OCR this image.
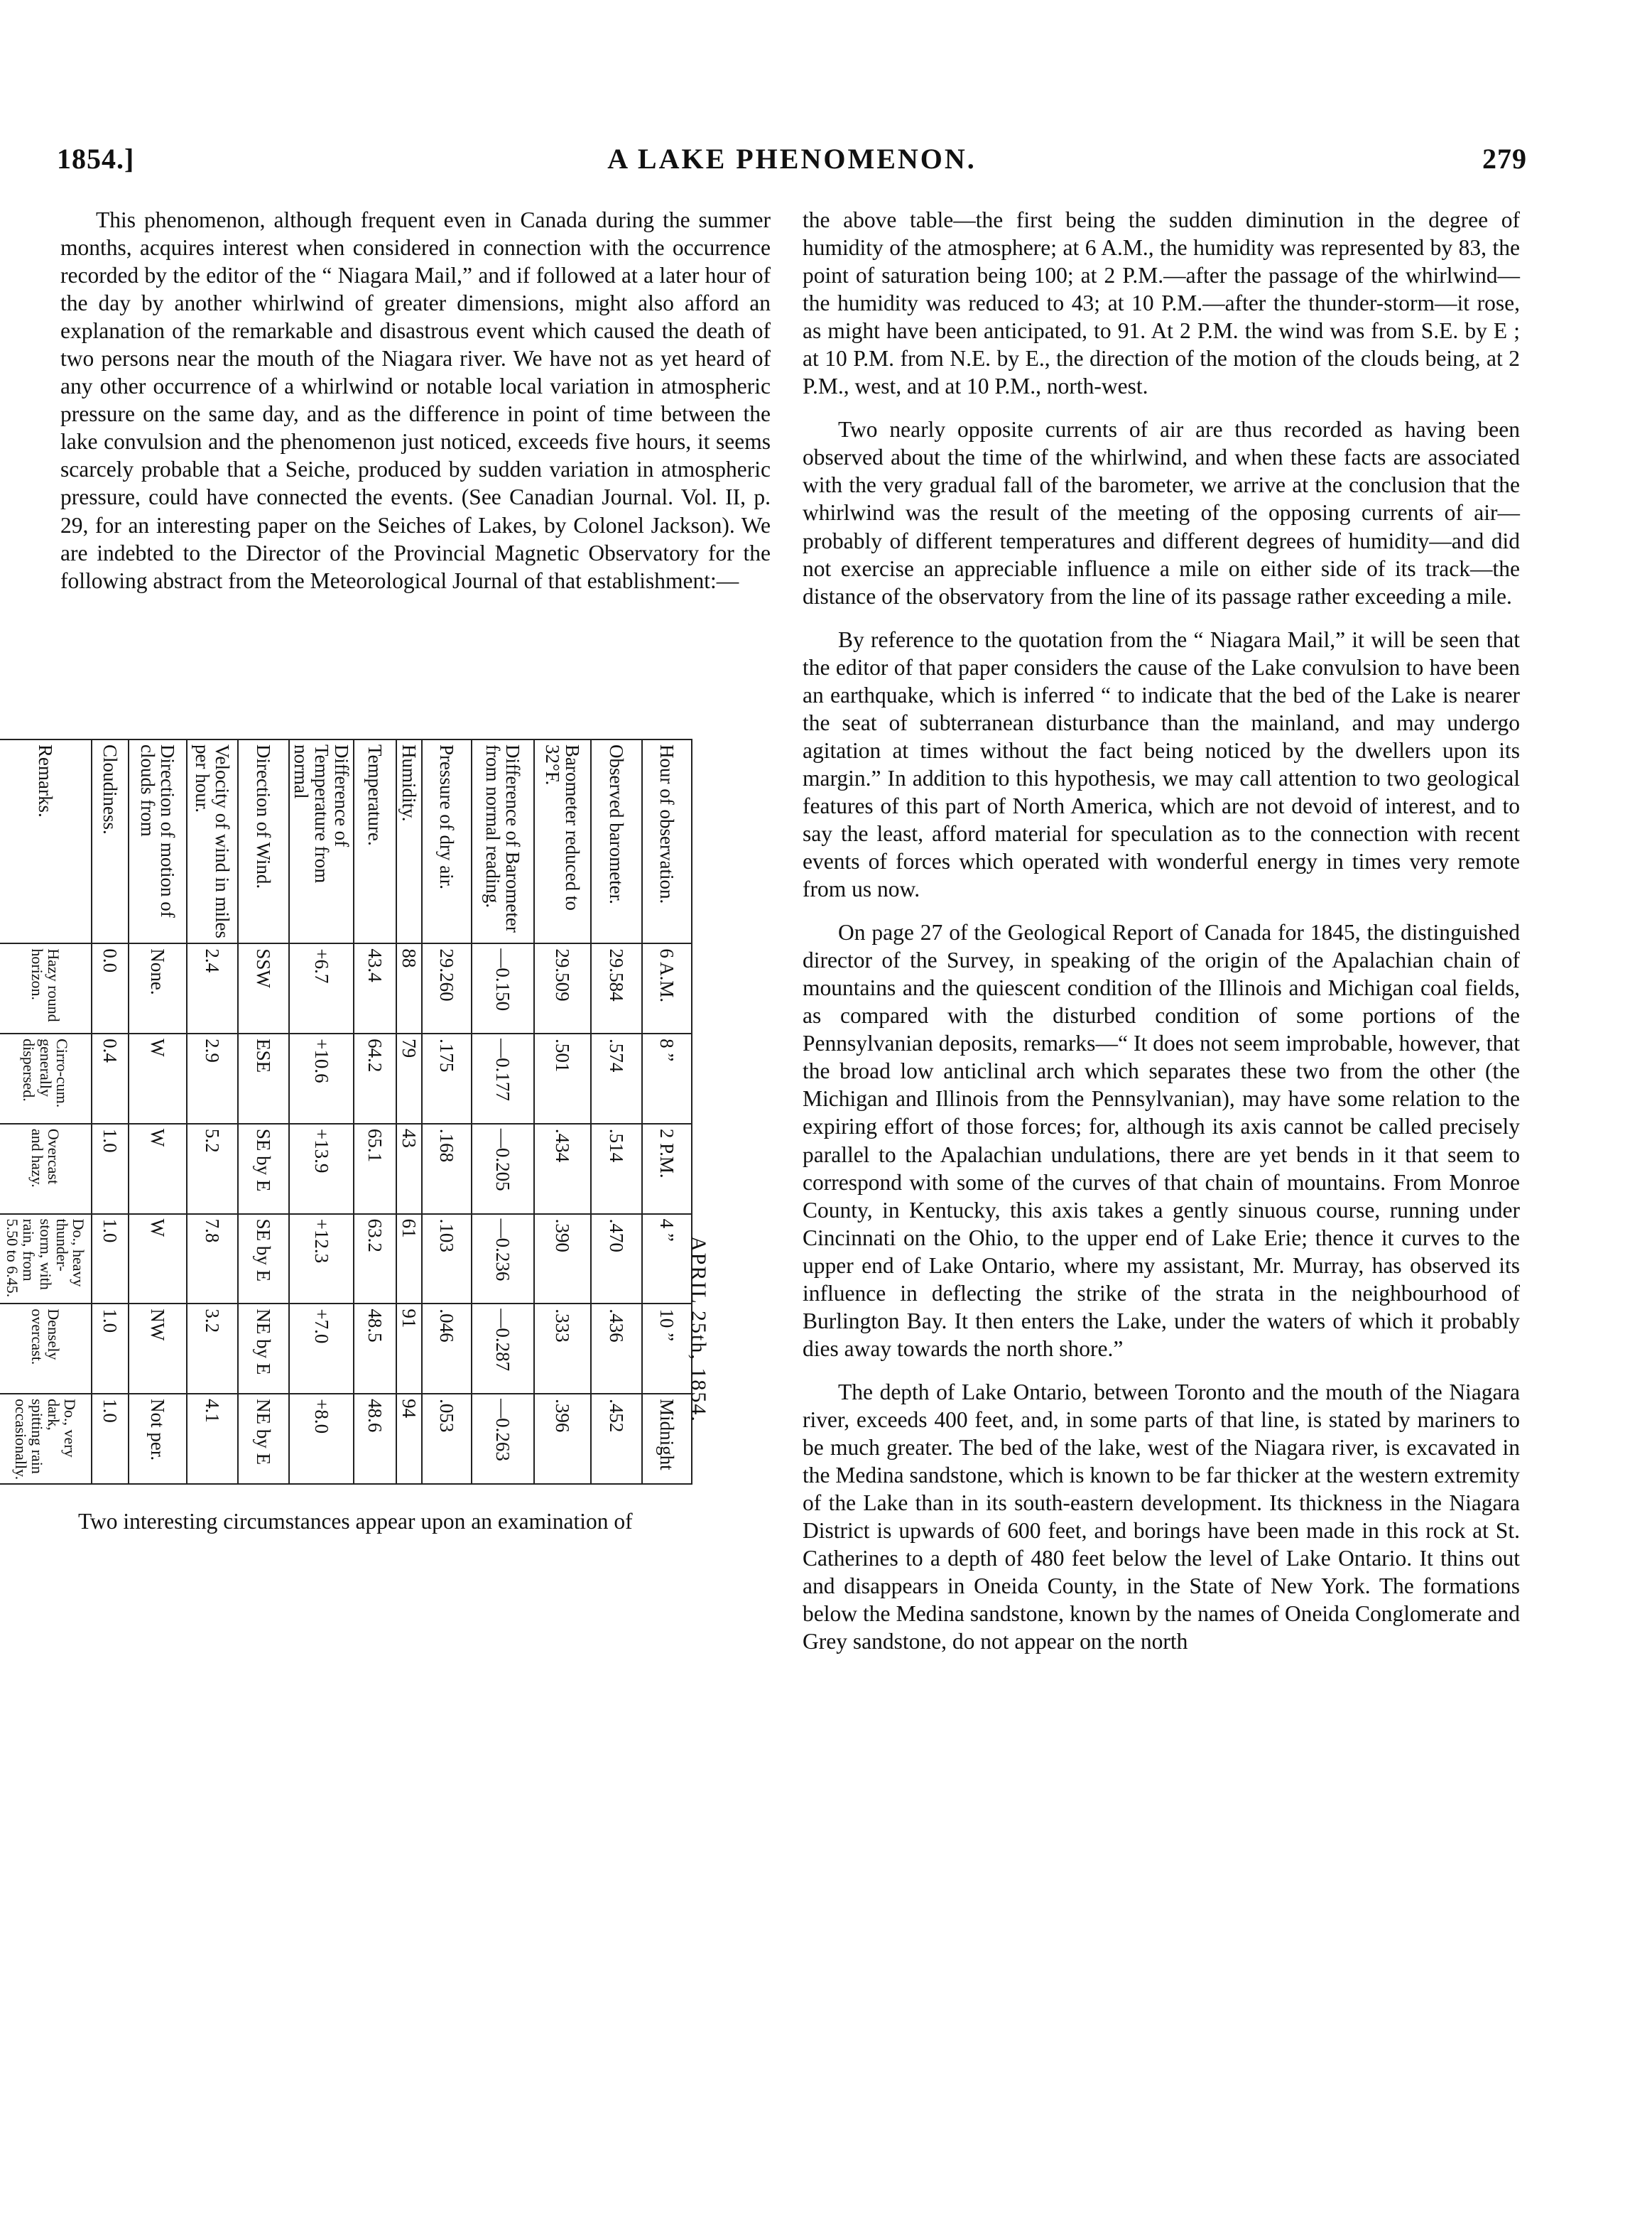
1854.]	A LAKE PHENOMENON.	279

This phenomenon, although frequent even in Canada during the summer months, acquires interest when considered in connection with the occurrence recorded by the editor of the “ Niagara Mail,” and if followed at a later hour of the day by another whirlwind of greater dimensions, might also afford an explanation of the remarkable and disastrous event which caused the death of two persons near the mouth of the Niagara river. We have not as yet heard of any other occurrence of a whirlwind or notable local variation in atmospheric pressure on the same day, and as the difference in point of time between the lake convulsion and the phenomenon just noticed, exceeds five hours, it seems scarcely probable that a Seiche, produced by sudden variation in atmospheric pressure, could have connected the events. (See Canadian Journal. Vol. II, p. 29, for an interesting paper on the Seiches of Lakes, by Colonel Jackson). We are indebted to the Director of the Provincial Magnetic Observatory for the following abstract from the Meteorological Journal of that establishment:—

Hour of observation.	6 A.M.	8 ”	2 P.M.	4 ”	10 ”	Midnight
Observed barometer.	29.584	.574	.514	.470	.436	.452
Barometer reduced to 32°F.	29.509	.501	.434	.390	.333	.396
Difference of Barometer from normal reading.	—0.150	—0.177	—0.205	—0.236	—0.287	—0.263
Pressure of dry air.	29.260	.175	.168	.103	.046	.053
Humidity.	88	79	43	61	91	94
Temperature.	43.4	64.2	65.1	63.2	48.5	48.6
Difference of Temperature from normal	+6.7	+10.6	+13.9	+12.3	+7.0	+8.0
Direction of Wind.	SSW	ESE	SE by E	SE by E	NE by E	NE by E
Velocity of wind in miles per hour.	2.4	2.9	5.2	7.8	3.2	4.1
Direction of motion of clouds from	None.	W	W	W	NW	Not per.
Cloudiness.	0.0	0.4	1.0	1.0	1.0	1.0
Remarks.	Hazy round horizon.	Cirro-cum. generally dispersed.	Overcast and hazy.	Do., heavy thunder-storm, with rain, from 5.50 to 6.45.	Densely overcast.	Do., very dark, spitting rain occasionally.
APRIL 25th, 1854.
Two interesting circumstances appear upon an examination of

the above table—the first being the sudden diminution in the degree of humidity of the atmosphere; at 6 A.M., the humidity was represented by 83, the point of saturation being 100; at 2 P.M.—after the passage of the whirlwind—the humidity was reduced to 43; at 10 P.M.—after the thunder-storm—it rose, as might have been anticipated, to 91. At 2 P.M. the wind was from S.E. by E ; at 10 P.M. from N.E. by E., the direction of the motion of the clouds being, at 2 P.M., west, and at 10 P.M., north-west.

Two nearly opposite currents of air are thus recorded as having been observed about the time of the whirlwind, and when these facts are associated with the very gradual fall of the barometer, we arrive at the conclusion that the whirlwind was the result of the meeting of the opposing currents of air—probably of different temperatures and different degrees of humidity—and did not exercise an appreciable influence a mile on either side of its track—the distance of the observatory from the line of its passage rather exceeding a mile.

By reference to the quotation from the “ Niagara Mail,” it will be seen that the editor of that paper considers the cause of the Lake convulsion to have been an earthquake, which is inferred “ to indicate that the bed of the Lake is nearer the seat of subterranean disturbance than the mainland, and may undergo agitation at times without the fact being noticed by the dwellers upon its margin.” In addition to this hypothesis, we may call attention to two geological features of this part of North America, which are not devoid of interest, and to say the least, afford material for speculation as to the connection with recent events of forces which operated with wonderful energy in times very remote from us now.

On page 27 of the Geological Report of Canada for 1845, the distinguished director of the Survey, in speaking of the origin of the Apalachian chain of mountains and the quiescent condition of the Illinois and Michigan coal fields, as compared with the disturbed condition of some portions of the Pennsylvanian deposits, remarks—“ It does not seem improbable, however, that the broad low anticlinal arch which separates these two from the other (the Michigan and Illinois from the Pennsylvanian), may have some relation to the expiring effort of those forces; for, although its axis cannot be called precisely parallel to the Apalachian undulations, there are yet bends in it that seem to correspond with some of the curves of that chain of mountains. From Monroe County, in Kentucky, this axis takes a gently sinuous course, running under Cincinnati on the Ohio, to the upper end of Lake Erie; thence it curves to the upper end of Lake Ontario, where my assistant, Mr. Murray, has observed its influence in deflecting the strike of the strata in the neighbourhood of Burlington Bay. It then enters the Lake, under the waters of which it probably dies away towards the north shore.”

The depth of Lake Ontario, between Toronto and the mouth of the Niagara river, exceeds 400 feet, and, in some parts of that line, is stated by mariners to be much greater. The bed of the lake, west of the Niagara river, is excavated in the Medina sandstone, which is known to be far thicker at the western extremity of the Lake than in its south-eastern development. Its thickness in the Niagara District is upwards of 600 feet, and borings have been made in this rock at St. Catherines to a depth of 480 feet below the level of Lake Ontario. It thins out and disappears in Oneida County, in the State of New York. The formations below the Medina sandstone, known by the names of Oneida Conglomerate and Grey sandstone, do not appear on the north
